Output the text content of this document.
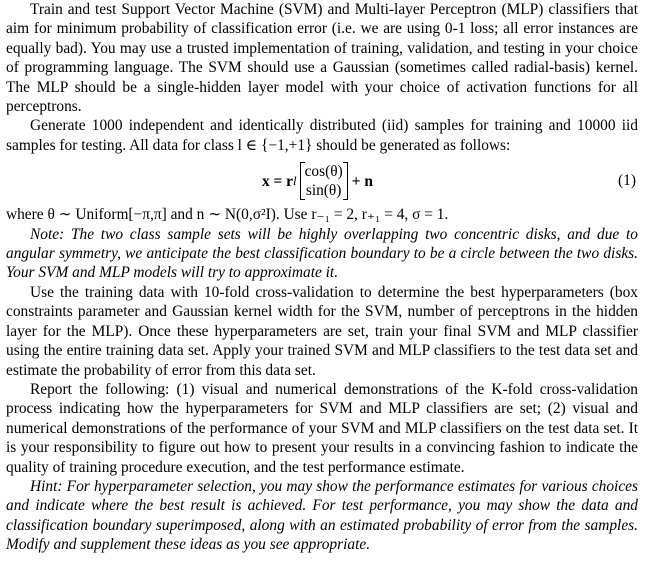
Train and test Support Vector Machine (SVM) and Multi-layer Perceptron (MLP) classifiers that aim for minimum probability of classification error (i.e. we are using 0-1 loss; all error instances are equally bad). You may use a trusted implementation of training, validation, and testing in your choice of programming language. The SVM should use a Gaussian (sometimes called radial-basis) kernel. The MLP should be a single-hidden layer model with your choice of activation functions for all perceptrons.

Generate 1000 independent and identically distributed (iid) samples for training and 10000 iid samples for testing. All data for class l ∈ {−1,+1} should be generated as follows:

x = r l
cos(θ)
sin(θ)
+ n	(1)

where θ ∼ Uniform[−π,π] and n ∼ N(0,σ²I). Use r₋₁ = 2, r₊₁ = 4, σ = 1.

Note: The two class sample sets will be highly overlapping two concentric disks, and due to angular symmetry, we anticipate the best classification boundary to be a circle between the two disks. Your SVM and MLP models will try to approximate it.

Use the training data with 10-fold cross-validation to determine the best hyperparameters (box constraints parameter and Gaussian kernel width for the SVM, number of perceptrons in the hidden layer for the MLP). Once these hyperparameters are set, train your final SVM and MLP classifier using the entire training data set. Apply your trained SVM and MLP classifiers to the test data set and estimate the probability of error from this data set.

Report the following: (1) visual and numerical demonstrations of the K-fold cross-validation process indicating how the hyperparameters for SVM and MLP classifiers are set; (2) visual and numerical demonstrations of the performance of your SVM and MLP classifiers on the test data set. It is your responsibility to figure out how to present your results in a convincing fashion to indicate the quality of training procedure execution, and the test performance estimate.

Hint: For hyperparameter selection, you may show the performance estimates for various choices and indicate where the best result is achieved. For test performance, you may show the data and classification boundary superimposed, along with an estimated probability of error from the samples. Modify and supplement these ideas as you see appropriate.
